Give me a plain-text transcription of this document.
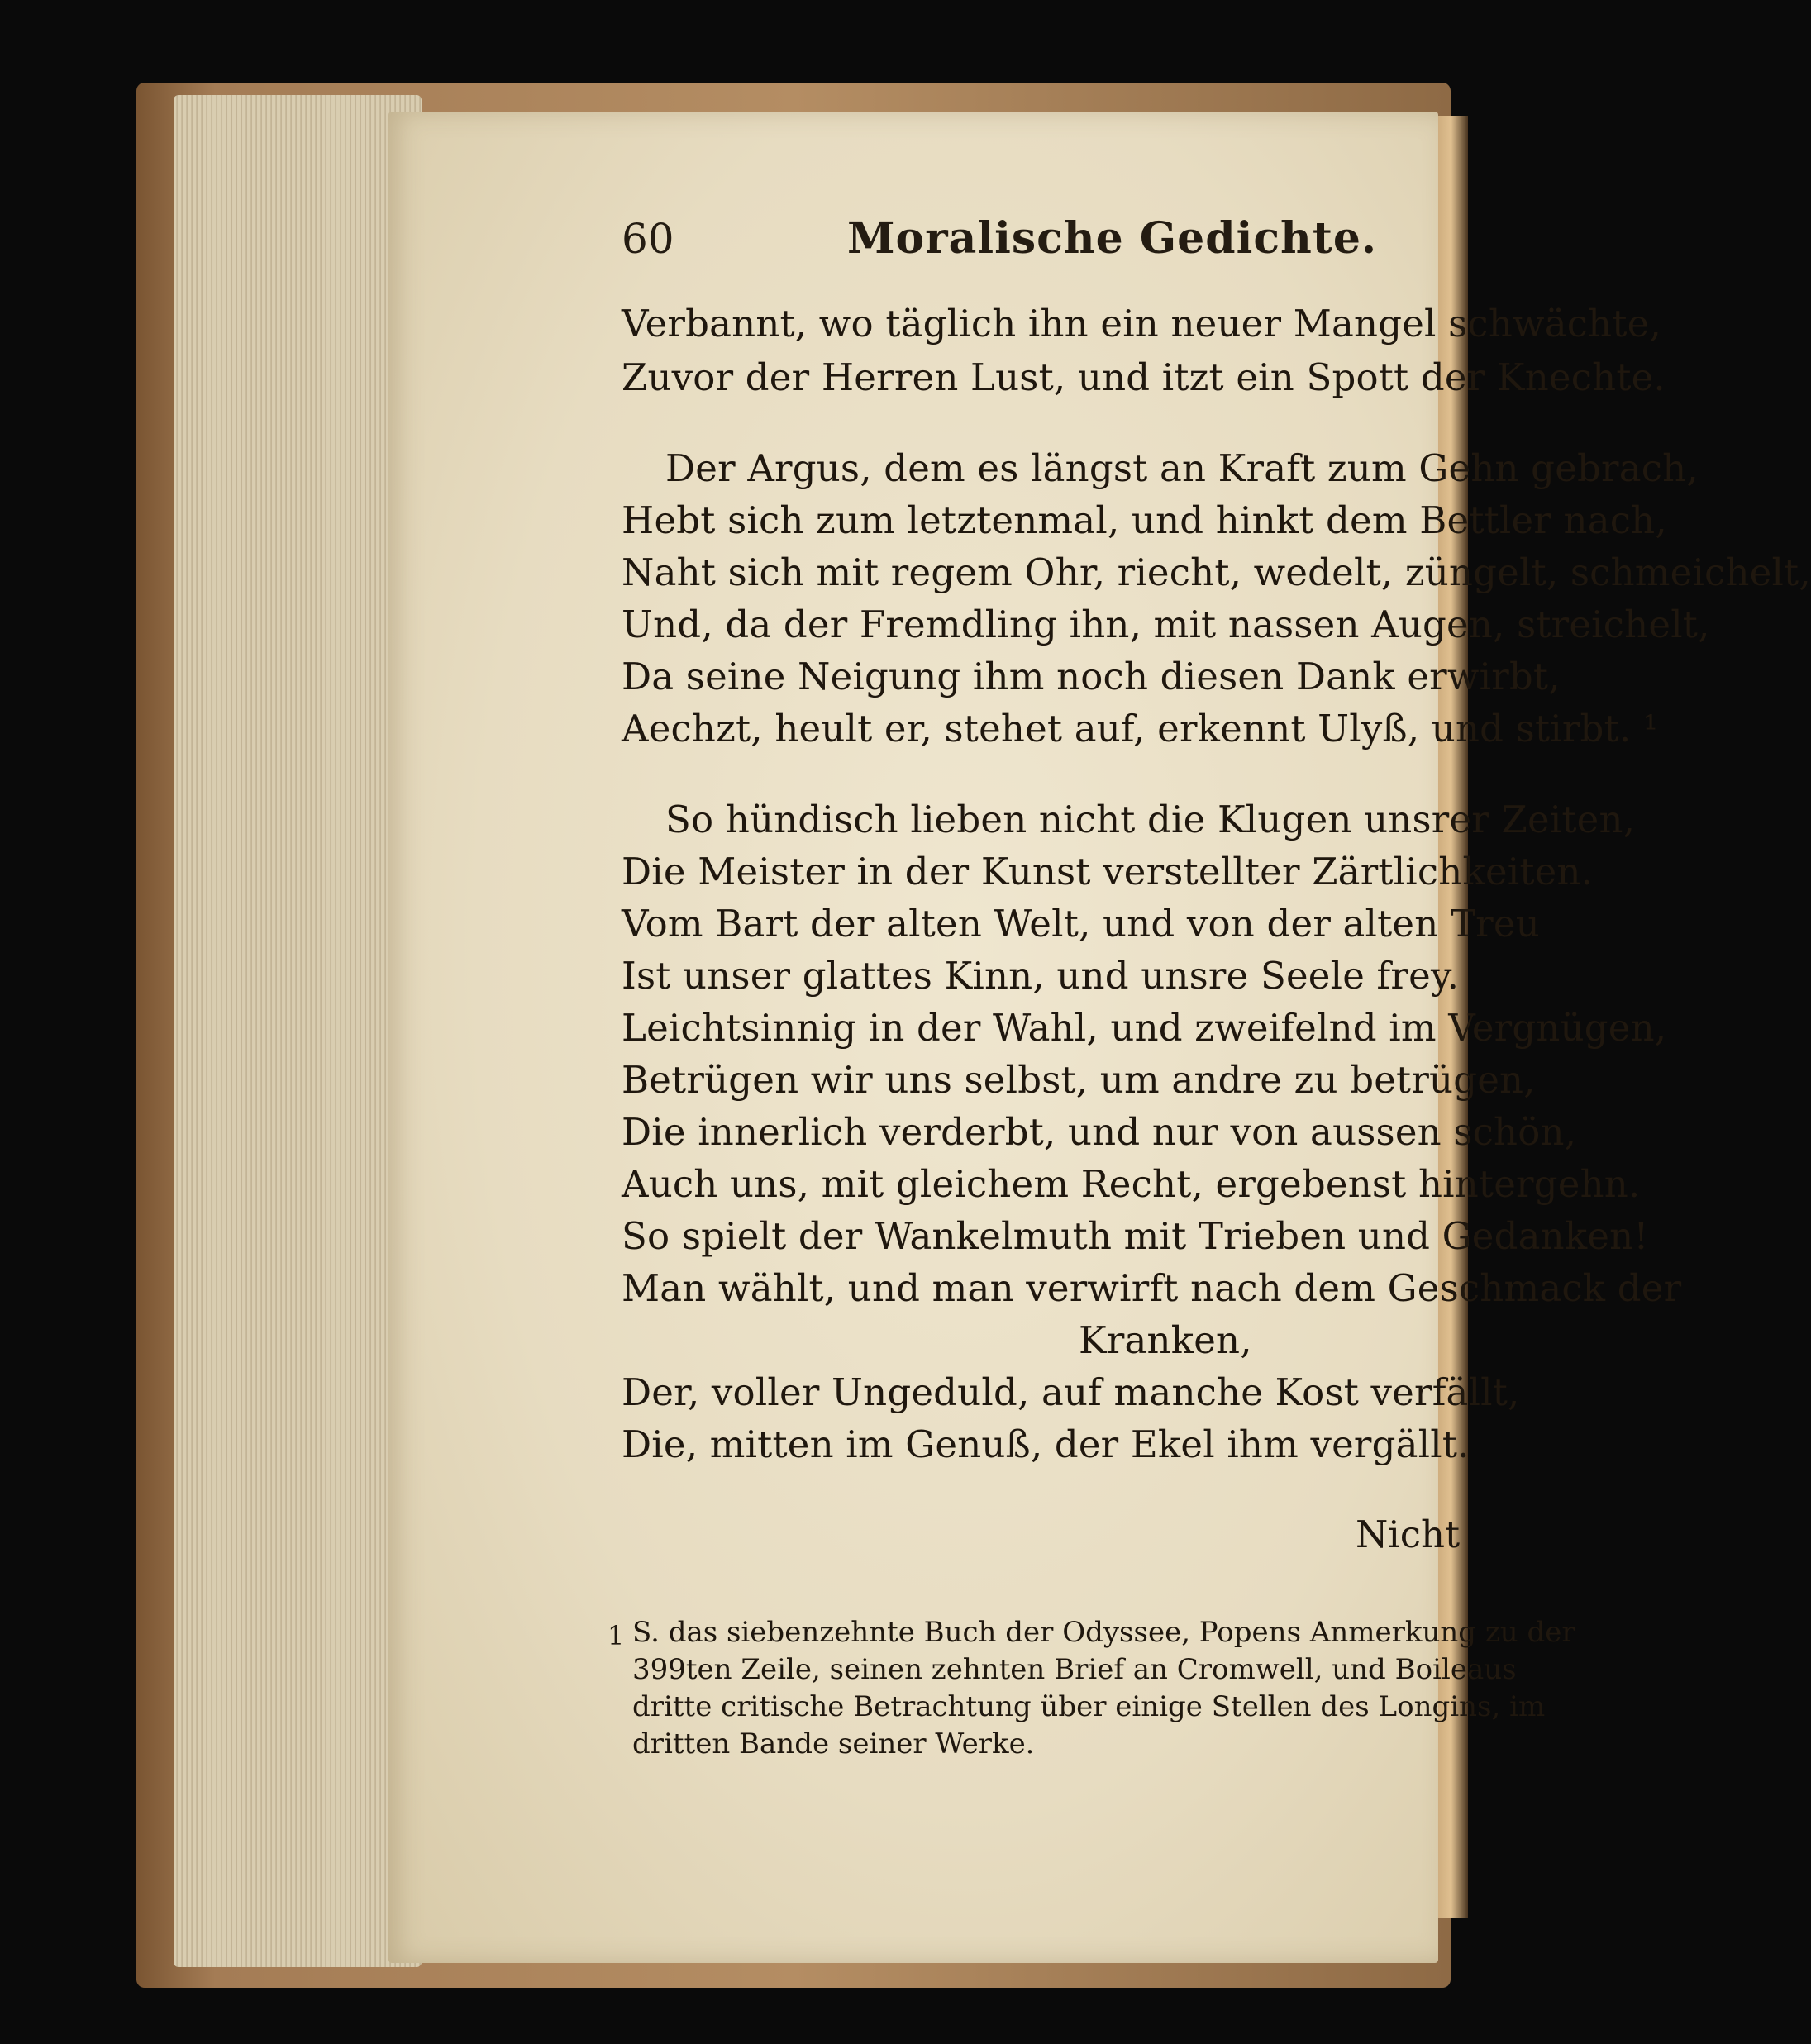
60	Moralische Gedichte.
Verbannt, wo täglich ihn ein neuer Mangel schwächte,
Zuvor der Herren Lust, und itzt ein Spott der Knechte.
Der Argus, dem es längst an Kraft zum Gehn gebrach,
Hebt sich zum letztenmal, und hinkt dem Bettler nach,
Naht sich mit regem Ohr, riecht, wedelt, züngelt, schmeichelt,
Und, da der Fremdling ihn, mit nassen Augen, streichelt,
Da seine Neigung ihm noch diesen Dank erwirbt,
Aechzt, heult er, stehet auf, erkennt Ulyß, und stirbt. ¹
So hündisch lieben nicht die Klugen unsrer Zeiten,
Die Meister in der Kunst verstellter Zärtlichkeiten.
Vom Bart der alten Welt, und von der alten Treu
Ist unser glattes Kinn, und unsre Seele frey.
Leichtsinnig in der Wahl, und zweifelnd im Vergnügen,
Betrügen wir uns selbst, um andre zu betrügen,
Die innerlich verderbt, und nur von aussen schön,
Auch uns, mit gleichem Recht, ergebenst hintergehn.
So spielt der Wankelmuth mit Trieben und Gedanken!
Man wählt, und man verwirft nach dem Geschmack der
Kranken,
Der, voller Ungeduld, auf manche Kost verfällt,
Die, mitten im Genuß, der Ekel ihm vergällt.
Nicht
1 S. das siebenzehnte Buch der Odyssee, Popens Anmerkung zu der
399ten Zeile, seinen zehnten Brief an Cromwell, und Boileaus
dritte critische Betrachtung über einige Stellen des Longins, im
dritten Bande seiner Werke.
